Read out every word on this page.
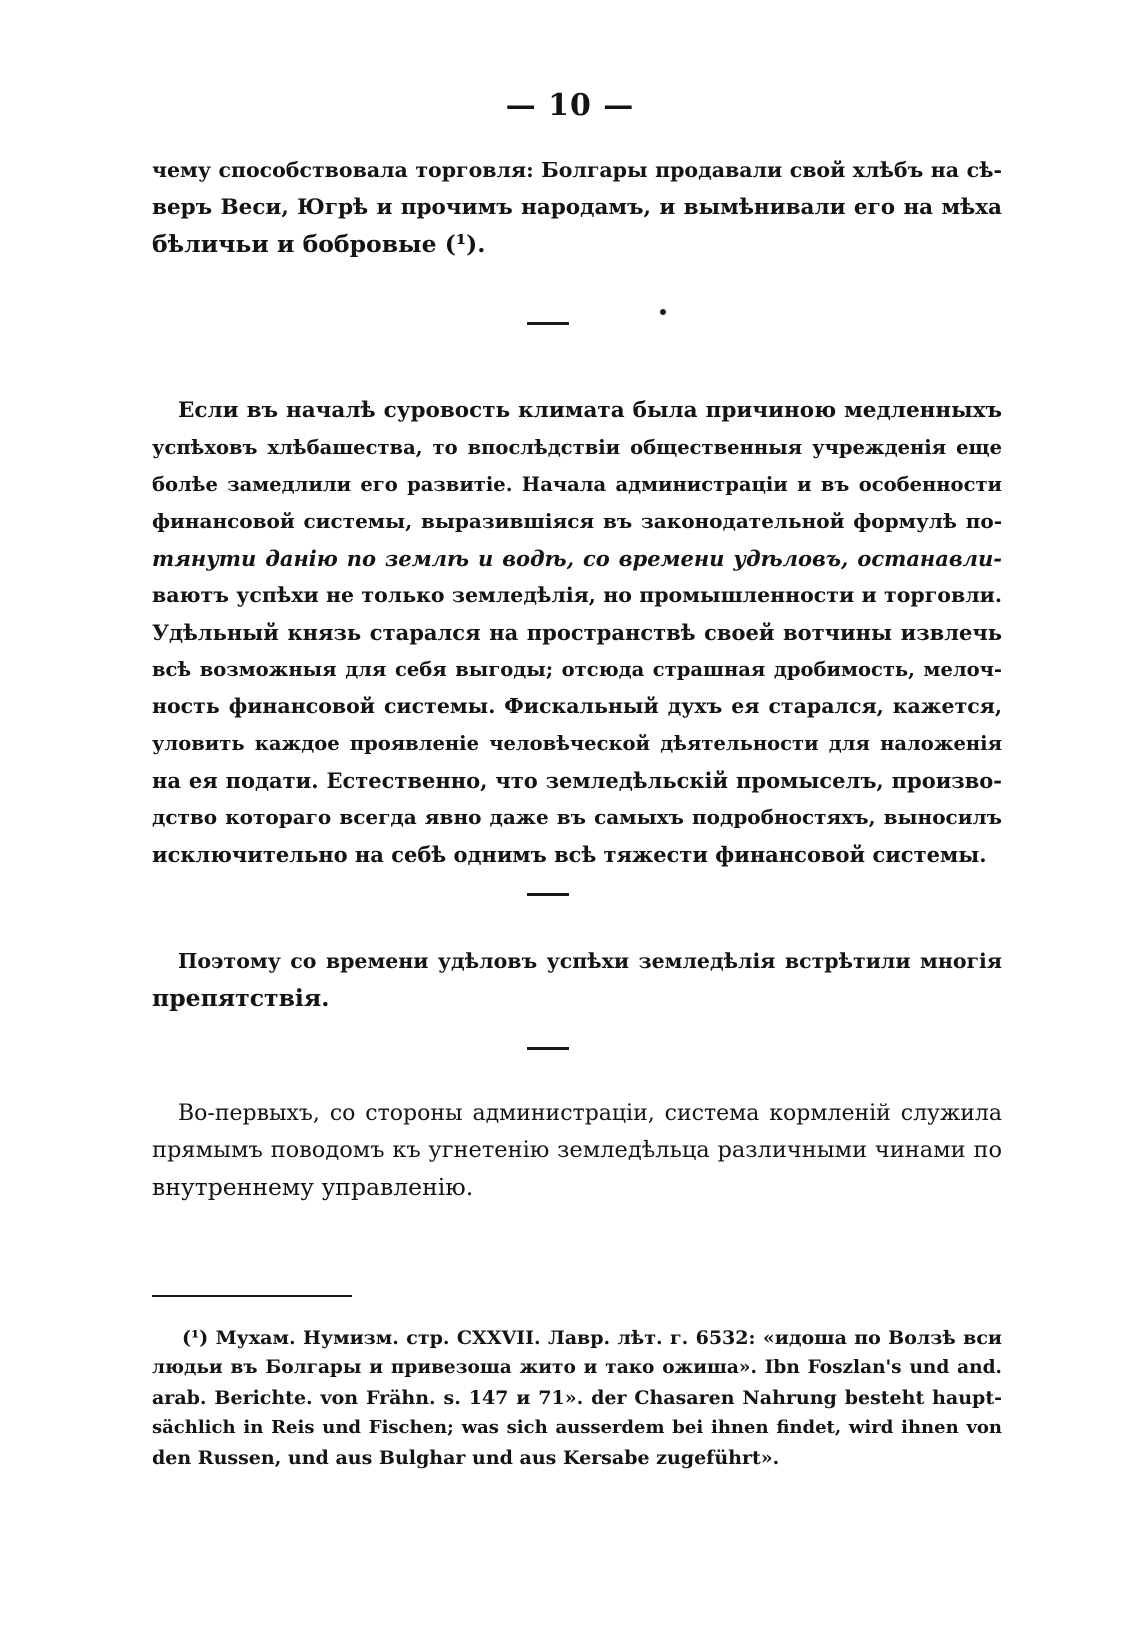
— 10 —
чему способствовала торговля: Болгары продавали свой хлѣбъ на сѣ-
веръ Веси, Югрѣ и прочимъ народамъ, и вымѣнивали его на мѣха
бѣличьи и бобровые (¹).
Если въ началѣ суровость климата была причиною медленныхъ
успѣховъ хлѣбашества, то впослѣдствіи общественныя учрежденія еще
болѣе замедлили его развитіе. Начала администраціи и въ особенности
финансовой системы, выразившіяся въ законодательной формулѣ по-
тянути данію по землѣ и водѣ, со времени удѣловъ, останавли-
ваютъ успѣхи не только земледѣлія, но промышленности и торговли.
Удѣльный князь старался на пространствѣ своей вотчины извлечь
всѣ возможныя для себя выгоды; отсюда страшная дробимость, мелоч-
ность финансовой системы. Фискальный духъ ея старался, кажется,
уловить каждое проявленіе человѣческой дѣятельности для наложенія
на ея подати. Естественно, что земледѣльскій промыселъ, произво-
дство котораго всегда явно даже въ самыхъ подробностяхъ, выносилъ
исключительно на себѣ однимъ всѣ тяжести финансовой системы.
Поэтому со времени удѣловъ успѣхи земледѣлія встрѣтили многія
препятствія.
Во-первыхъ, со стороны администраціи, система кормленій служила
прямымъ поводомъ къ угнетенію земледѣльца различными чинами по
внутреннему управленію.
(¹) Мухам. Нумизм. стр. CXXVII. Лавр. лѣт. г. 6532: «идоша по Волзѣ вси
людьи въ Болгары и привезоша жито и тако ожиша». Ibn Foszlan's und and.
arab. Berichte. von Frähn. s. 147 и 71». der Chasaren Nahrung besteht haupt-
sächlich in Reis und Fischen; was sich ausserdem bei ihnen findet, wird ihnen von
den Russen, und aus Bulghar und aus Kersabe zugeführt».
